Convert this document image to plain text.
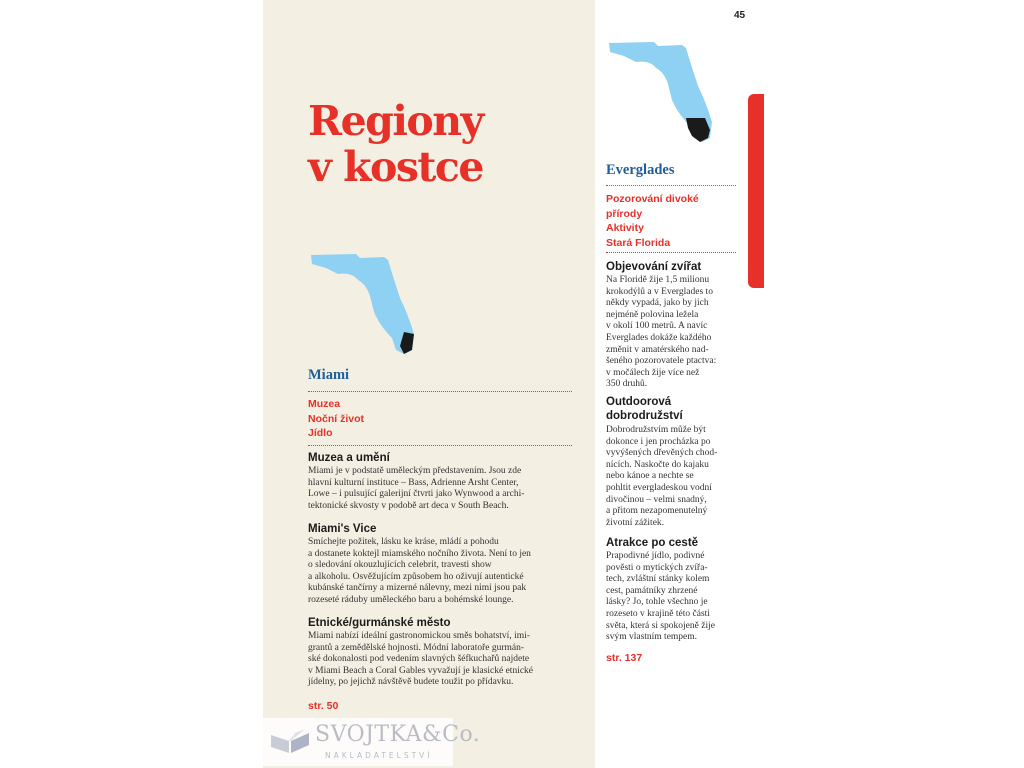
45
Regiony
v kostce
Miami
Muzea
Noční život
Jídlo
Muzea a umění
Miami je v podstatě uměleckým představením. Jsou zde
hlavní kulturní instituce – Bass, Adrienne Arsht Center,
Lowe – i pulsující galerijní čtvrti jako Wynwood a archi-
tektonické skvosty v podobě art deca v South Beach.
Miami's Vice
Smíchejte požitek, lásku ke kráse, mládí a pohodu
a dostanete koktejl miamského nočního života. Není to jen
o sledování okouzlujících celebrit, travesti show
a alkoholu. Osvěžujícím způsobem ho oživují autentické
kubánské tančírny a mizerné nálevny, mezi nimi jsou pak
rozeseté ráduby uměleckého baru a bohémské lounge.
Etnické/gurmánské město
Miami nabízí ideální gastronomickou směs bohatství, imi-
grantů a zemědělské hojnosti. Módní laboratoře gurmán-
ské dokonalosti pod vedením slavných šéfkuchařů najdete
v Miami Beach a Coral Gables vyvažují je klasické etnické
jídelny, po jejichž návštěvě budete toužit po přídavku.
str. 50
Everglades
Pozorování divoké
přírody
Aktivity
Stará Florida
Objevování zvířat
Na Floridě žije 1,5 milionu
krokodýlů a v Everglades to
někdy vypadá, jako by jich
nejméně polovina ležela
v okolí 100 metrů. A navíc
Everglades dokáže každého
změnit v amatérského nad-
šeného pozorovatele ptactva:
v močálech žije více než
350 druhů.
Outdoorová
dobrodružství
Dobrodružstvím může být
dokonce i jen procházka po
vyvýšených dřevěných chod-
nících. Naskočte do kajaku
nebo kánoe a nechte se
pohltit evergladeskou vodní
divočinou – velmi snadný,
a přitom nezapomenutelný
životní zážitek.
Atrakce po cestě
Prapodivné jídlo, podivné
pověsti o mytických zvířa-
tech, zvláštní stánky kolem
cest, památníky zhrzené
lásky? Jo, tohle všechno je
rozeseto v krajině této části
světa, která si spokojeně žije
svým vlastním tempem.
str. 137
SVOJTKA&Co.
NAKLADATELSTVÍ
